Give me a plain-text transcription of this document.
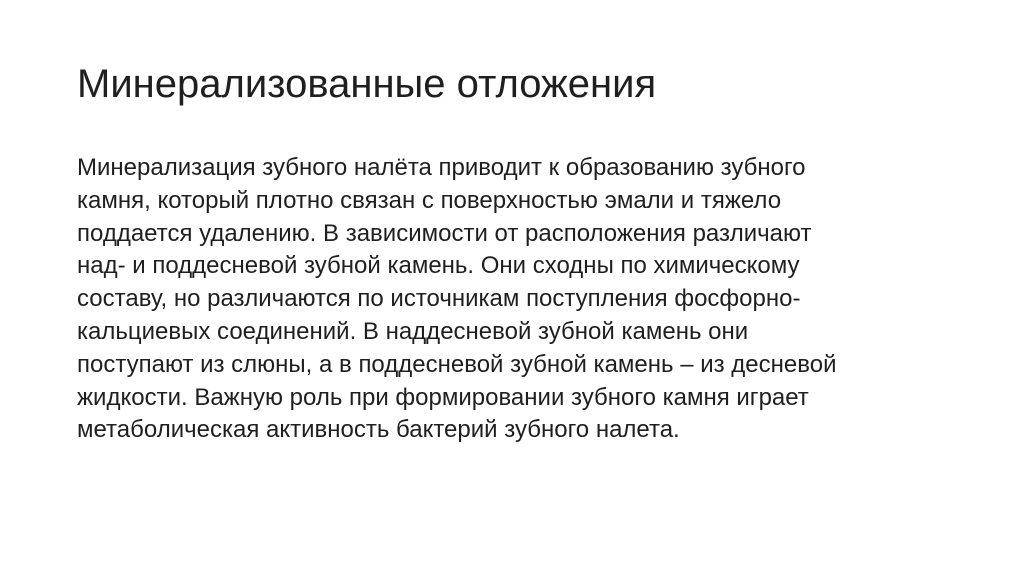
Минерализованные отложения
Минерализация зубного налёта приводит к образованию зубного
камня, который плотно связан с поверхностью эмали и тяжело
поддается удалению. В зависимости от расположения различают
над- и поддесневой зубной камень. Они сходны по химическому
составу, но различаются по источникам поступления фосфорно-
кальциевых соединений. В наддесневой зубной камень они
поступают из слюны, а в поддесневой зубной камень – из десневой
жидкости. Важную роль при формировании зубного камня играет
метаболическая активность бактерий зубного налета.
